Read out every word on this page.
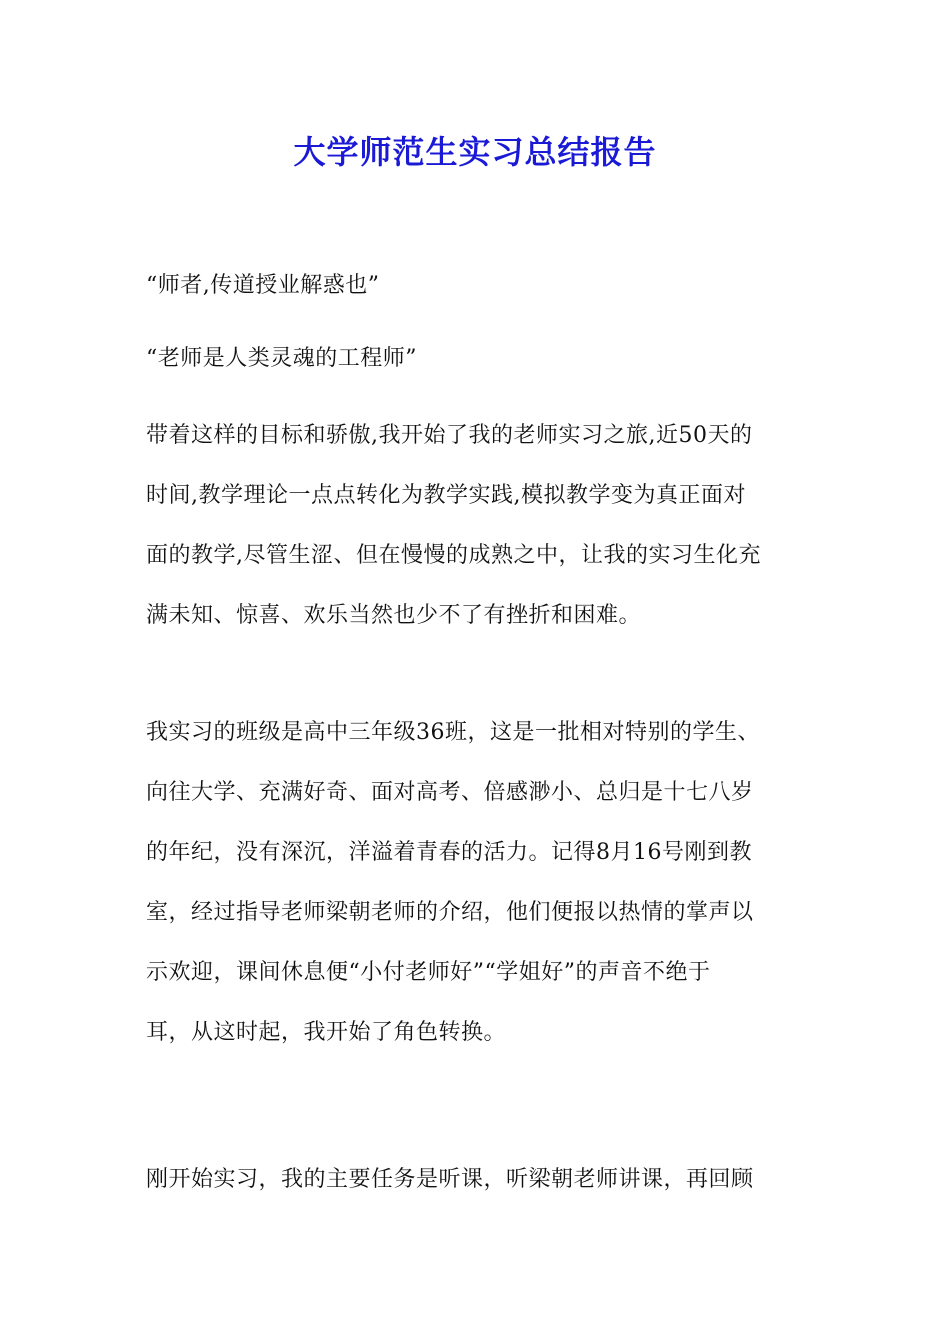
大学师范生实习总结报告
“师者,传道授业解惑也”
“老师是人类灵魂的工程师”
带着这样的目标和骄傲,我开始了我的老师实习之旅,近50天的
时间,教学理论一点点转化为教学实践,模拟教学变为真正面对
面的教学,尽管生涩、但在慢慢的成熟之中，让我的实习生化充
满未知、惊喜、欢乐当然也少不了有挫折和困难。
我实习的班级是高中三年级36班，这是一批相对特别的学生、
向往大学、充满好奇、面对高考、倍感渺小、总归是十七八岁
的年纪，没有深沉，洋溢着青春的活力。记得8月16号刚到教
室，经过指导老师梁朝老师的介绍，他们便报以热情的掌声以
示欢迎，课间休息便“小付老师好”“学姐好”的声音不绝于
耳，从这时起，我开始了角色转换。
刚开始实习，我的主要任务是听课，听梁朝老师讲课，再回顾
